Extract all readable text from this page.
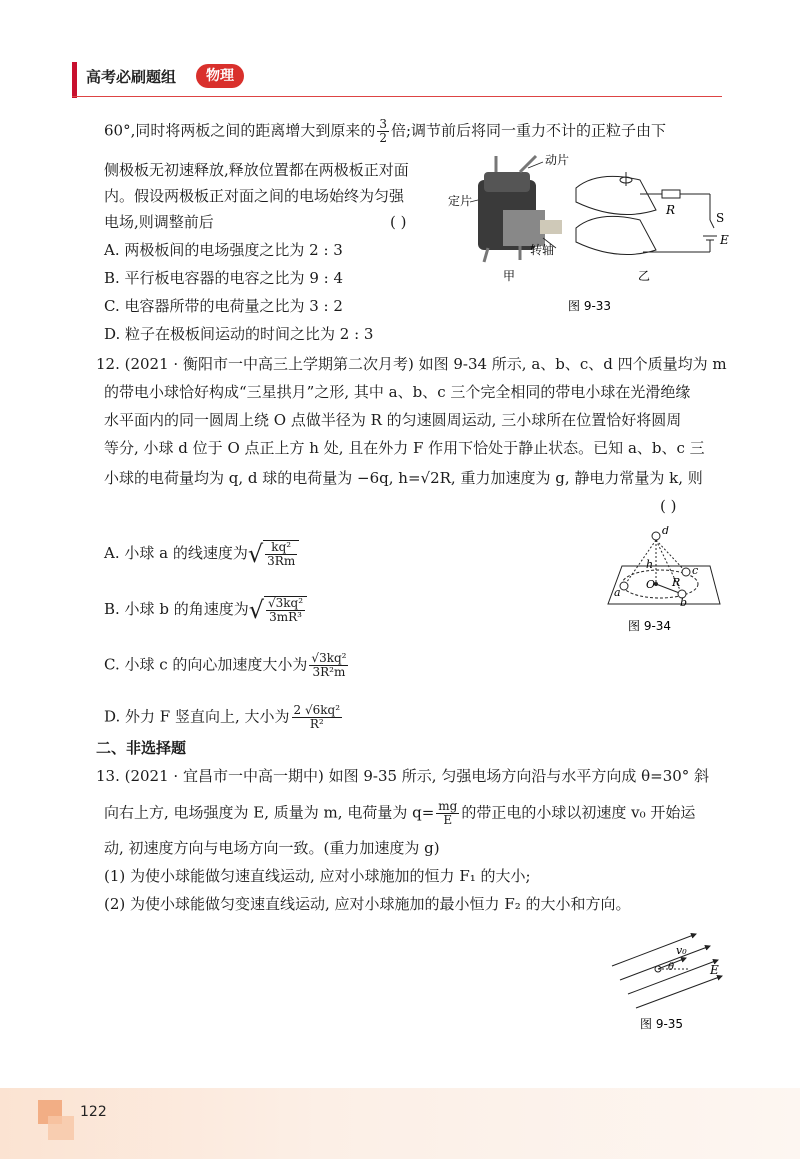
高考必刷题组	物理
60°,同时将两板之间的距离增大到原来的 $\frac{3}{2}$ 倍;调节前后将同一重力不计的正粒子由下
侧极板无初速释放,释放位置都在两极板正对面
内。假设两极板正对面之间的电场始终为匀强
电场,则调整前后	( )
A. 两极板间的电场强度之比为 2 : 3
B. 平行板电容器的电容之比为 9 : 4
C. 电容器所带的电荷量之比为 3 : 2
D. 粒子在极板间运动的时间之比为 2 : 3
动片
定片
转轴
甲
R
S
E
乙
图 9-33
12. (2021 · 衡阳市一中高三上学期第二次月考) 如图 9-34 所示, a、b、c、d 四个质量均为 m
的带电小球恰好构成“三星拱月”之形, 其中 a、b、c 三个完全相同的带电小球在光滑绝缘
水平面内的同一圆周上绕 O 点做半径为 R 的匀速圆周运动, 三小球所在位置恰好将圆周
等分, 小球 d 位于 O 点正上方 h 处, 且在外力 F 作用下恰处于静止状态。已知 a、b、c 三
小球的电荷量均为 q, d 球的电荷量为 −6q, h=√2R, 重力加速度为 g, 静电力常量为 k, 则
( )
A. 小球 a 的线速度为√ $\frac{\text{kq²}}{3Rm}$
B. 小球 b 的角速度为√ $\frac{\text{√3kq²}}{\text{3mR³}}$
C. 小球 c 的向心加速度大小为 $\frac{\text{√3kq²}}{\text{3R²m}}$
D. 外力 F 竖直向上, 大小为 $\frac{\text{2 √6kq²}}{\text{R²}}$
d
h
O R
a
c
b
图 9-34
二、非选择题
13. (2021 · 宜昌市一中高一期中) 如图 9-35 所示, 匀强电场方向沿与水平方向成 θ=30° 斜
向右上方, 电场强度为 E, 质量为 m, 电荷量为 $q= \frac{mg}{E}$ 的带正电的小球以初速度 v₀ 开始运
动, 初速度方向与电场方向一致。(重力加速度为 g)
(1) 为使小球能做匀速直线运动, 应对小球施加的恒力 F₁ 的大小;
(2) 为使小球能做匀变速直线运动, 应对小球施加的最小恒力 F₂ 的大小和方向。
v₀
θ	E
图 9-35
122
